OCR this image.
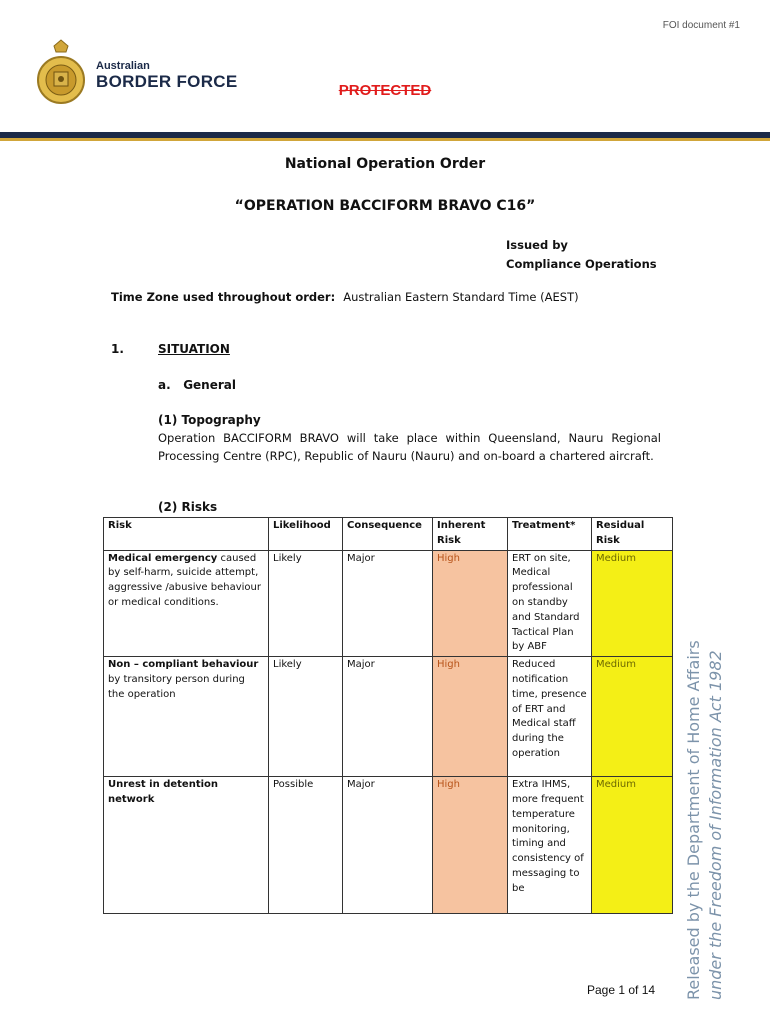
FOI document #1
Australian
BORDER FORCE	PROTECTED
National Operation Order
“OPERATION BACCIFORM BRAVO C16”
Issued by
Compliance Operations
Time Zone used throughout order: Australian Eastern Standard Time (AEST)
1.	SITUATION
a.   General
(1) Topography
Operation BACCIFORM BRAVO will take place within Queensland, Nauru Regional Processing Centre (RPC), Republic of Nauru (Nauru) and on-board a chartered aircraft.
(2) Risks
Risk	Likelihood	Consequence	Inherent Risk	Treatment*	Residual Risk
Medical emergency caused by self-harm, suicide attempt, aggressive /abusive behaviour or medical conditions.	Likely	Major	High	ERT on site, Medical professional on standby and Standard Tactical Plan by ABF	Medium
Non – compliant behaviour by transitory person during the operation	Likely	Major	High	Reduced notification time, presence of ERT and Medical staff during the operation	Medium
Unrest in detention network	Possible	Major	High	Extra IHMS, more frequent temperature monitoring, timing and consistency of messaging to be	Medium	Released by the Department of Home Affairs under the Freedom of Information Act 1982
Page 1 of 14
